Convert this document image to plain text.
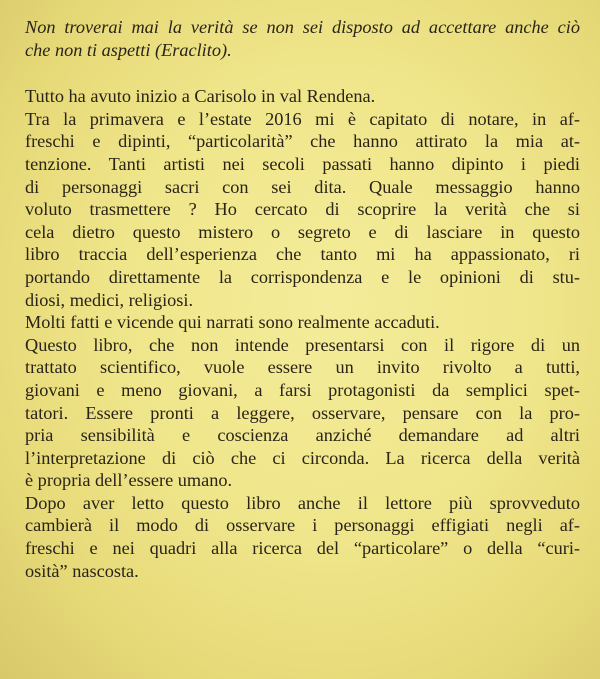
Non troverai mai la verità se non sei disposto ad accettare anche ciò
che non ti aspetti (Eraclito).
Tutto ha avuto inizio a Carisolo in val Rendena.
Tra la primavera e l’estate 2016 mi è capitato di notare, in af-
freschi e dipinti, “particolarità” che hanno attirato la mia at-
tenzione. Tanti artisti nei secoli passati hanno dipinto i piedi
di personaggi sacri con sei dita. Quale messaggio hanno
voluto trasmettere ? Ho cercato di scoprire la verità che si
cela dietro questo mistero o segreto e di lasciare in questo
libro traccia dell’esperienza che tanto mi ha appassionato, ri
portando direttamente la corrispondenza e le opinioni di stu-
diosi, medici, religiosi.
Molti fatti e vicende qui narrati sono realmente accaduti.
Questo libro, che non intende presentarsi con il rigore di un
trattato scientifico, vuole essere un invito rivolto a tutti,
giovani e meno giovani, a farsi protagonisti da semplici spet-
tatori. Essere pronti a leggere, osservare, pensare con la pro-
pria sensibilità e coscienza anziché demandare ad altri
l’interpretazione di ciò che ci circonda. La ricerca della verità
è propria dell’essere umano.
Dopo aver letto questo libro anche il lettore più sprovveduto
cambierà il modo di osservare i personaggi effigiati negli af-
freschi e nei quadri alla ricerca del “particolare” o della “curi-
osità” nascosta.
